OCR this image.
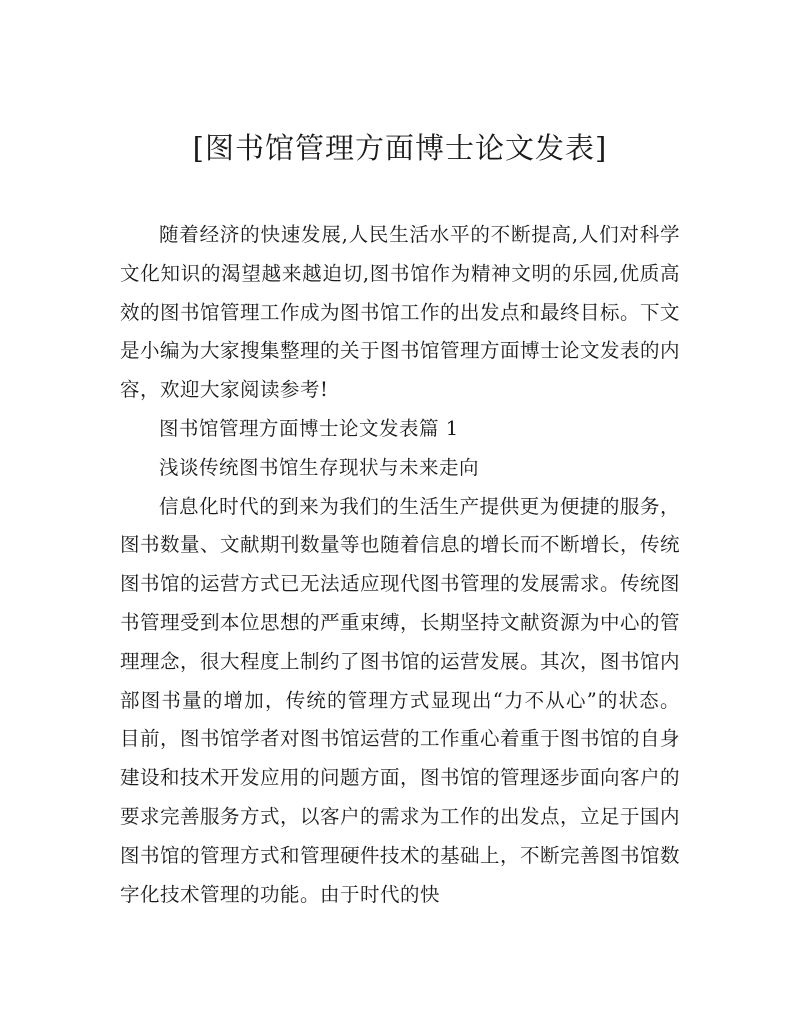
[图书馆管理方面博士论文发表]

随着经济的快速发展,人民生活水平的不断提高,人们对科学文化知识的渴望越来越迫切,图书馆作为精神文明的乐园,优质高效的图书馆管理工作成为图书馆工作的出发点和最终目标。下文是小编为大家搜集整理的关于图书馆管理方面博士论文发表的内容，欢迎大家阅读参考!

图书馆管理方面博士论文发表篇 1

浅谈传统图书馆生存现状与未来走向

信息化时代的到来为我们的生活生产提供更为便捷的服务，图书数量、文献期刊数量等也随着信息的增长而不断增长，传统图书馆的运营方式已无法适应现代图书管理的发展需求。传统图书管理受到本位思想的严重束缚，长期坚持文献资源为中心的管理理念，很大程度上制约了图书馆的运营发展。其次，图书馆内部图书量的增加，传统的管理方式显现出“力不从心”的状态。目前，图书馆学者对图书馆运营的工作重心着重于图书馆的自身建设和技术开发应用的问题方面，图书馆的管理逐步面向客户的要求完善服务方式，以客户的需求为工作的出发点，立足于国内图书馆的管理方式和管理硬件技术的基础上，不断完善图书馆数字化技术管理的功能。由于时代的快
